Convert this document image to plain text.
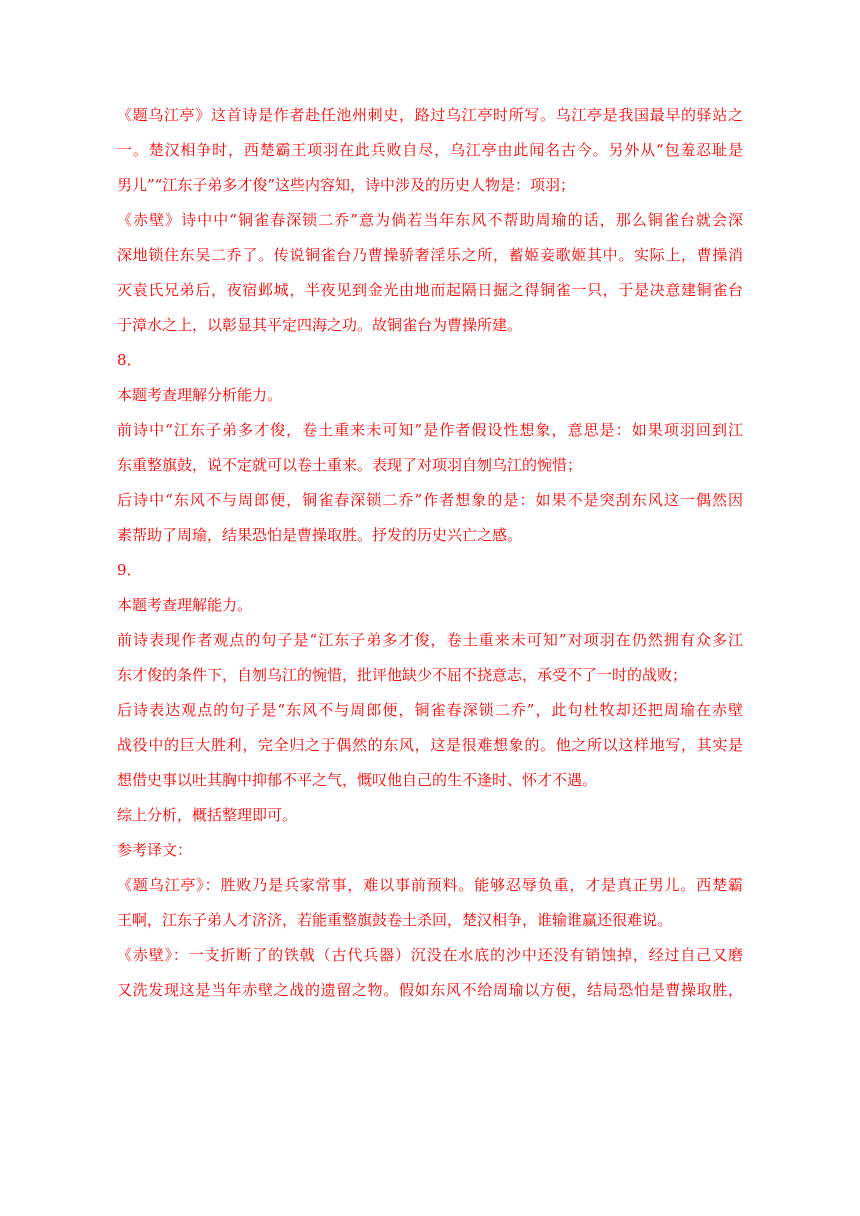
《题乌江亭》这首诗是作者赴任池州刺史，路过乌江亭时所写。乌江亭是我国最早的驿站之
一。楚汉相争时，西楚霸王项羽在此兵败自尽，乌江亭由此闻名古今。另外从“包羞忍耻是
男儿”“江东子弟多才俊”这些内容知，诗中涉及的历史人物是：项羽；
《赤壁》诗中中“铜雀春深锁二乔”意为倘若当年东风不帮助周瑜的话，那么铜雀台就会深
深地锁住东吴二乔了。传说铜雀台乃曹操骄奢淫乐之所，蓄姬妾歌姬其中。实际上，曹操消
灭袁氏兄弟后，夜宿邺城，半夜见到金光由地而起隔日掘之得铜雀一只，于是决意建铜雀台
于漳水之上，以彰显其平定四海之功。故铜雀台为曹操所建。
8．
本题考查理解分析能力。
前诗中“江东子弟多才俊，卷土重来未可知”是作者假设性想象，意思是：如果项羽回到江
东重整旗鼓，说不定就可以卷土重来。表现了对项羽自刎乌江的惋惜；
后诗中“东风不与周郎便，铜雀春深锁二乔”作者想象的是：如果不是突刮东风这一偶然因
素帮助了周瑜，结果恐怕是曹操取胜。抒发的历史兴亡之感。
9．
本题考查理解能力。
前诗表现作者观点的句子是“江东子弟多才俊，卷土重来未可知”对项羽在仍然拥有众多江
东才俊的条件下，自刎乌江的惋惜，批评他缺少不屈不挠意志，承受不了一时的战败；
后诗表达观点的句子是“东风不与周郎便，铜雀春深锁二乔”，此句杜牧却还把周瑜在赤壁
战役中的巨大胜利，完全归之于偶然的东风，这是很难想象的。他之所以这样地写，其实是
想借史事以吐其胸中抑郁不平之气，慨叹他自己的生不逢时、怀才不遇。
综上分析，概括整理即可。
参考译文：
《题乌江亭》：胜败乃是兵家常事，难以事前预料。能够忍辱负重，才是真正男儿。西楚霸
王啊，江东子弟人才济济，若能重整旗鼓卷土杀回，楚汉相争，谁输谁赢还很难说。
《赤壁》：一支折断了的铁戟（古代兵器）沉没在水底的沙中还没有销蚀掉，经过自己又磨
又洗发现这是当年赤壁之战的遗留之物。假如东风不给周瑜以方便，结局恐怕是曹操取胜，
